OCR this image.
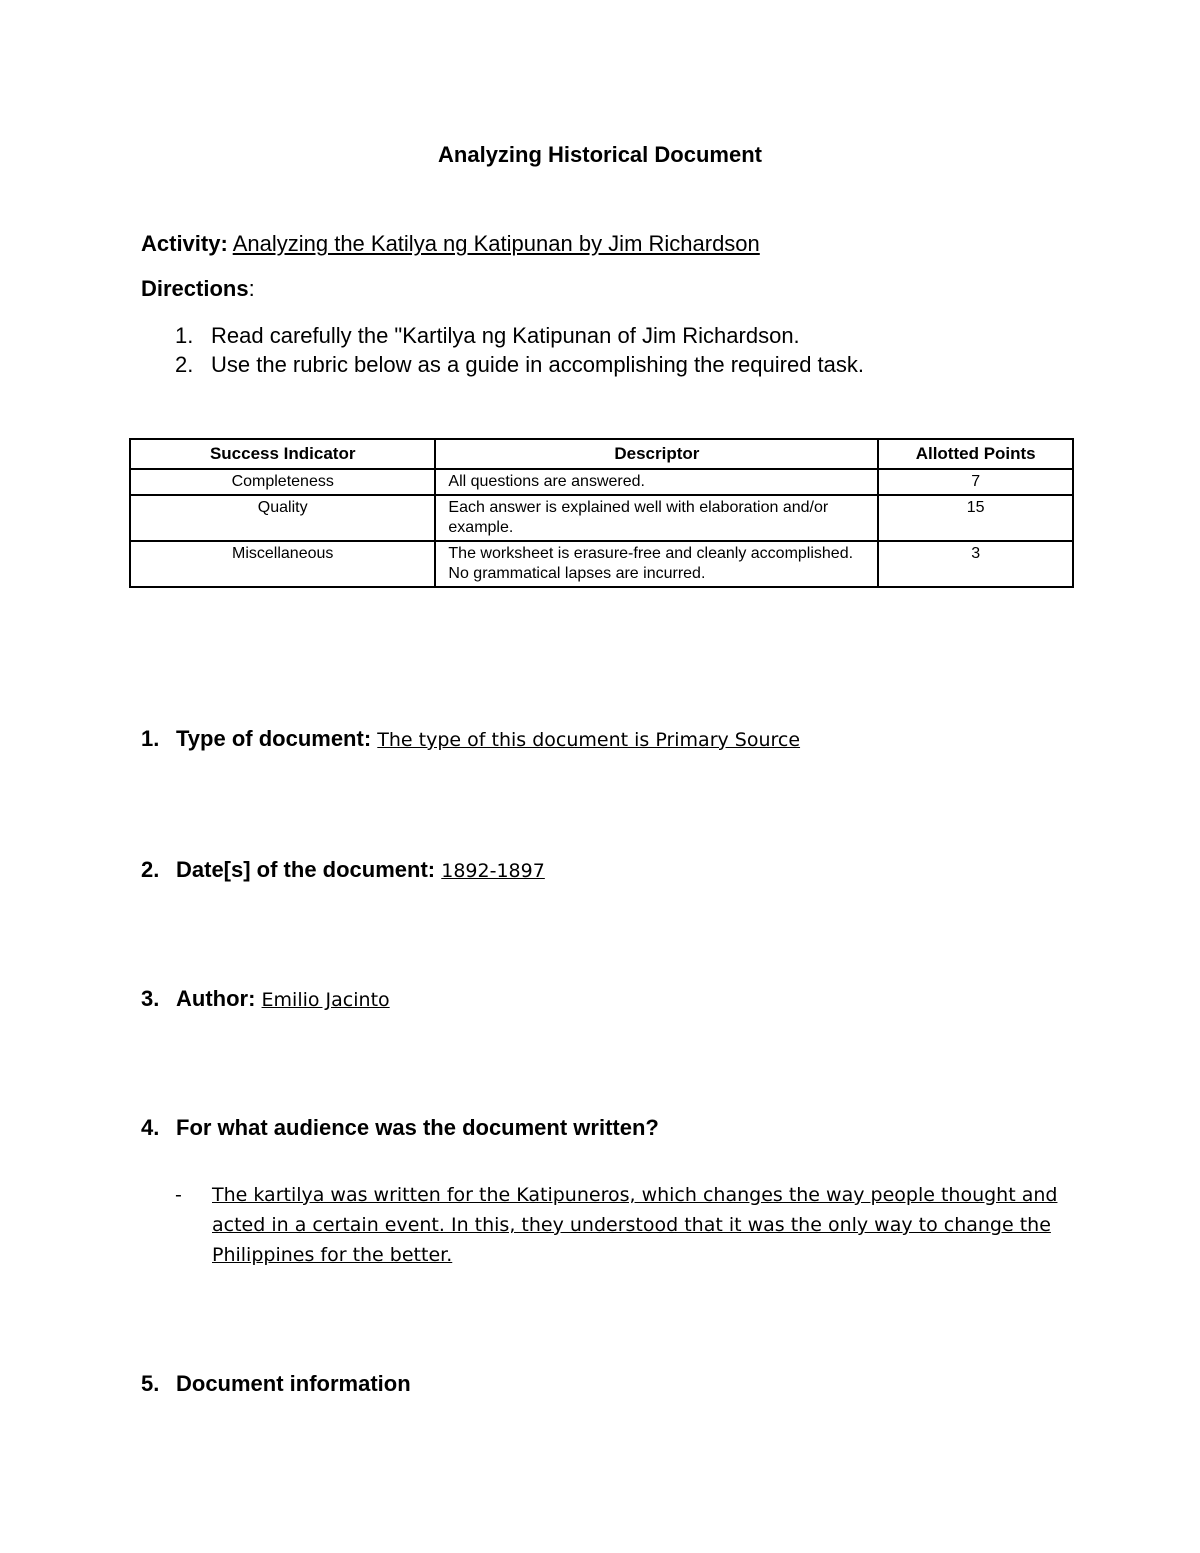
Analyzing Historical Document
Activity: Analyzing the Katilya ng Katipunan by Jim Richardson
Directions:
1. Read carefully the "Kartilya ng Katipunan of Jim Richardson.
2. Use the rubric below as a guide in accomplishing the required task.
Success Indicator	Descriptor	Allotted Points
Completeness	All questions are answered.	7
Quality	Each answer is explained well with elaboration and/or example.	15
Miscellaneous	The worksheet is erasure-free and cleanly accomplished. No grammatical lapses are incurred.	3
1. Type of document: The type of this document is Primary Source
2. Date[s] of the document: 1892-1897
3. Author: Emilio Jacinto
4. For what audience was the document written?
- The kartilya was written for the Katipuneros, which changes the way people thought and acted in a certain event. In this, they understood that it was the only way to change the Philippines for the better.
5. Document information
